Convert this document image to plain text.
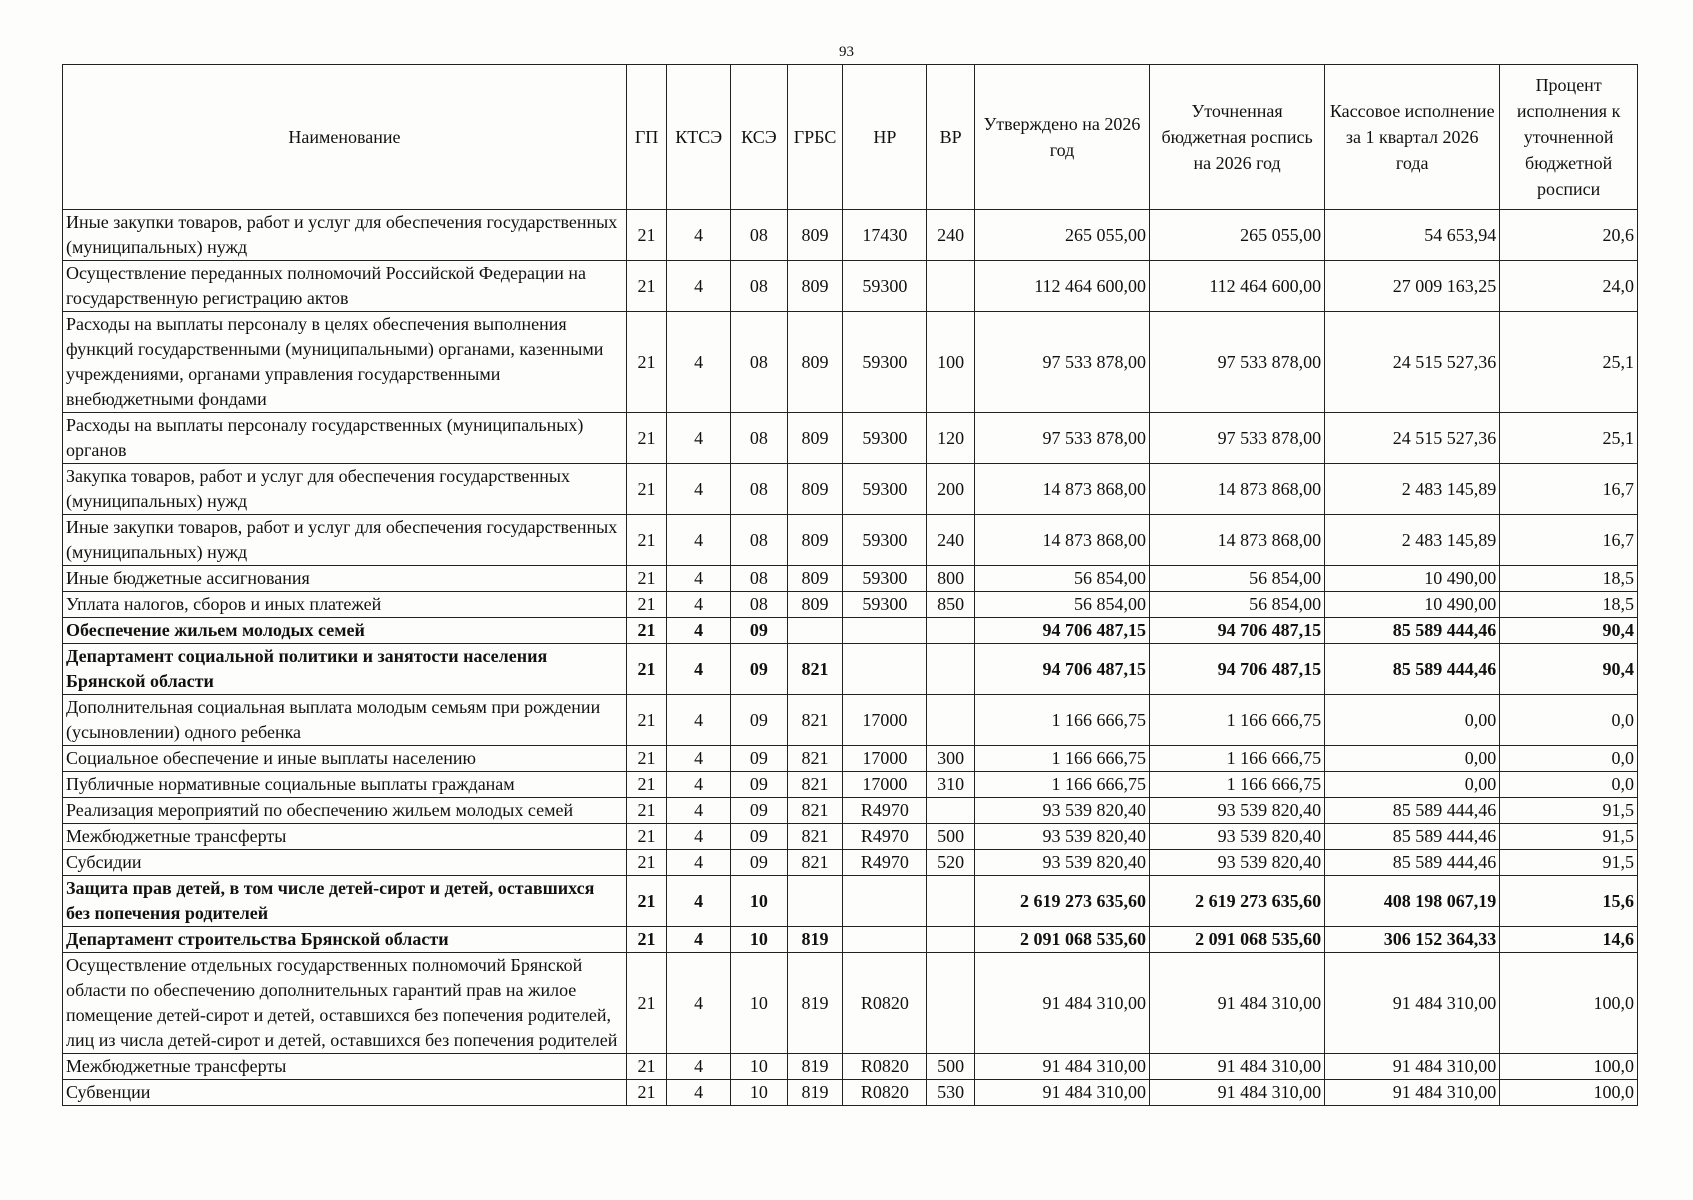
93
Наименование	ГП	КТСЭ	КСЭ	ГРБС	НР	ВР	Утверждено на 2026 год	Уточненная бюджетная роспись на 2026 год	Кассовое исполнение за 1 квартал 2026 года	Процент исполнения к уточненной бюджетной росписи
Иные закупки товаров, работ и услуг для обеспечения государственных (муниципальных) нужд	21	4	08	809	17430	240	265 055,00	265 055,00	54 653,94	20,6
Осуществление переданных полномочий Российской Федерации на государственную регистрацию актов	21	4	08	809	59300		112 464 600,00	112 464 600,00	27 009 163,25	24,0
Расходы на выплаты персоналу в целях обеспечения выполнения функций государственными (муниципальными) органами, казенными учреждениями, органами управления государственными внебюджетными фондами	21	4	08	809	59300	100	97 533 878,00	97 533 878,00	24 515 527,36	25,1
Расходы на выплаты персоналу государственных (муниципальных) органов	21	4	08	809	59300	120	97 533 878,00	97 533 878,00	24 515 527,36	25,1
Закупка товаров, работ и услуг для обеспечения государственных (муниципальных) нужд	21	4	08	809	59300	200	14 873 868,00	14 873 868,00	2 483 145,89	16,7
Иные закупки товаров, работ и услуг для обеспечения государственных (муниципальных) нужд	21	4	08	809	59300	240	14 873 868,00	14 873 868,00	2 483 145,89	16,7
Иные бюджетные ассигнования	21	4	08	809	59300	800	56 854,00	56 854,00	10 490,00	18,5
Уплата налогов, сборов и иных платежей	21	4	08	809	59300	850	56 854,00	56 854,00	10 490,00	18,5
Обеспечение жильем молодых семей	21	4	09				94 706 487,15	94 706 487,15	85 589 444,46	90,4
Департамент социальной политики и занятости населения Брянской области	21	4	09	821			94 706 487,15	94 706 487,15	85 589 444,46	90,4
Дополнительная социальная выплата молодым семьям при рождении (усыновлении) одного ребенка	21	4	09	821	17000		1 166 666,75	1 166 666,75	0,00	0,0
Социальное обеспечение и иные выплаты населению	21	4	09	821	17000	300	1 166 666,75	1 166 666,75	0,00	0,0
Публичные нормативные социальные выплаты гражданам	21	4	09	821	17000	310	1 166 666,75	1 166 666,75	0,00	0,0
Реализация мероприятий по обеспечению жильем молодых семей	21	4	09	821	R4970		93 539 820,40	93 539 820,40	85 589 444,46	91,5
Межбюджетные трансферты	21	4	09	821	R4970	500	93 539 820,40	93 539 820,40	85 589 444,46	91,5
Субсидии	21	4	09	821	R4970	520	93 539 820,40	93 539 820,40	85 589 444,46	91,5
Защита прав детей, в том числе детей-сирот и детей, оставшихся без попечения родителей	21	4	10				2 619 273 635,60	2 619 273 635,60	408 198 067,19	15,6
Департамент строительства Брянской области	21	4	10	819			2 091 068 535,60	2 091 068 535,60	306 152 364,33	14,6
Осуществление отдельных государственных полномочий Брянской области по обеспечению дополнительных гарантий прав на жилое помещение детей-сирот и детей, оставшихся без попечения родителей, лиц из числа детей-сирот и детей, оставшихся без попечения родителей	21	4	10	819	R0820		91 484 310,00	91 484 310,00	91 484 310,00	100,0
Межбюджетные трансферты	21	4	10	819	R0820	500	91 484 310,00	91 484 310,00	91 484 310,00	100,0
Субвенции	21	4	10	819	R0820	530	91 484 310,00	91 484 310,00	91 484 310,00	100,0
